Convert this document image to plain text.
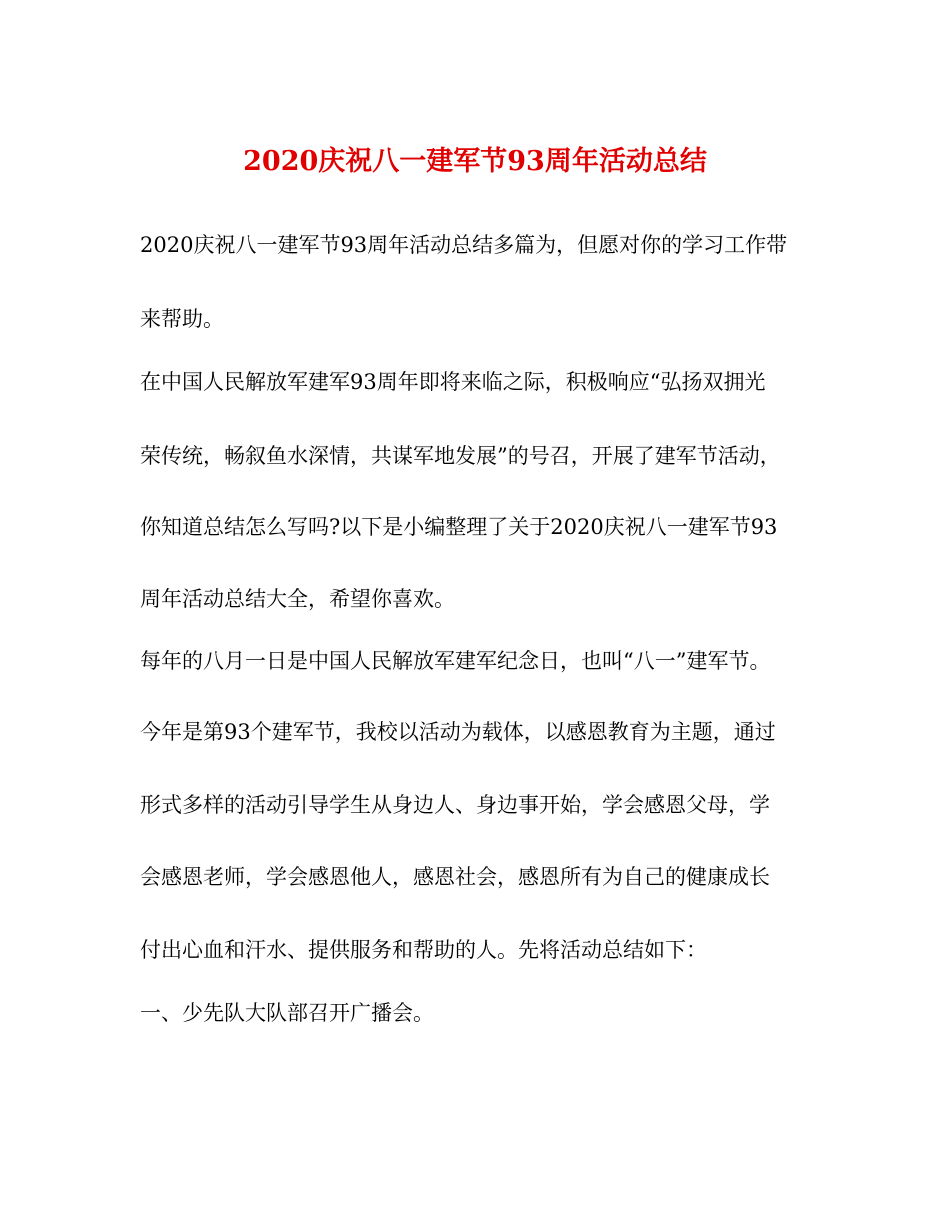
2020庆祝八一建军节93周年活动总结
2020庆祝八一建军节93周年活动总结多篇为，但愿对你的学习工作带
来帮助。
在中国人民解放军建军93周年即将来临之际，积极响应“弘扬双拥光
荣传统，畅叙鱼水深情，共谋军地发展”的号召，开展了建军节活动，
你知道总结怎么写吗?以下是小编整理了关于2020庆祝八一建军节93
周年活动总结大全，希望你喜欢。
每年的八月一日是中国人民解放军建军纪念日，也叫“八一”建军节。
今年是第93个建军节，我校以活动为载体，以感恩教育为主题，通过
形式多样的活动引导学生从身边人、身边事开始，学会感恩父母，学
会感恩老师，学会感恩他人，感恩社会，感恩所有为自己的健康成长
付出心血和汗水、提供服务和帮助的人。先将活动总结如下：
一、少先队大队部召开广播会。
